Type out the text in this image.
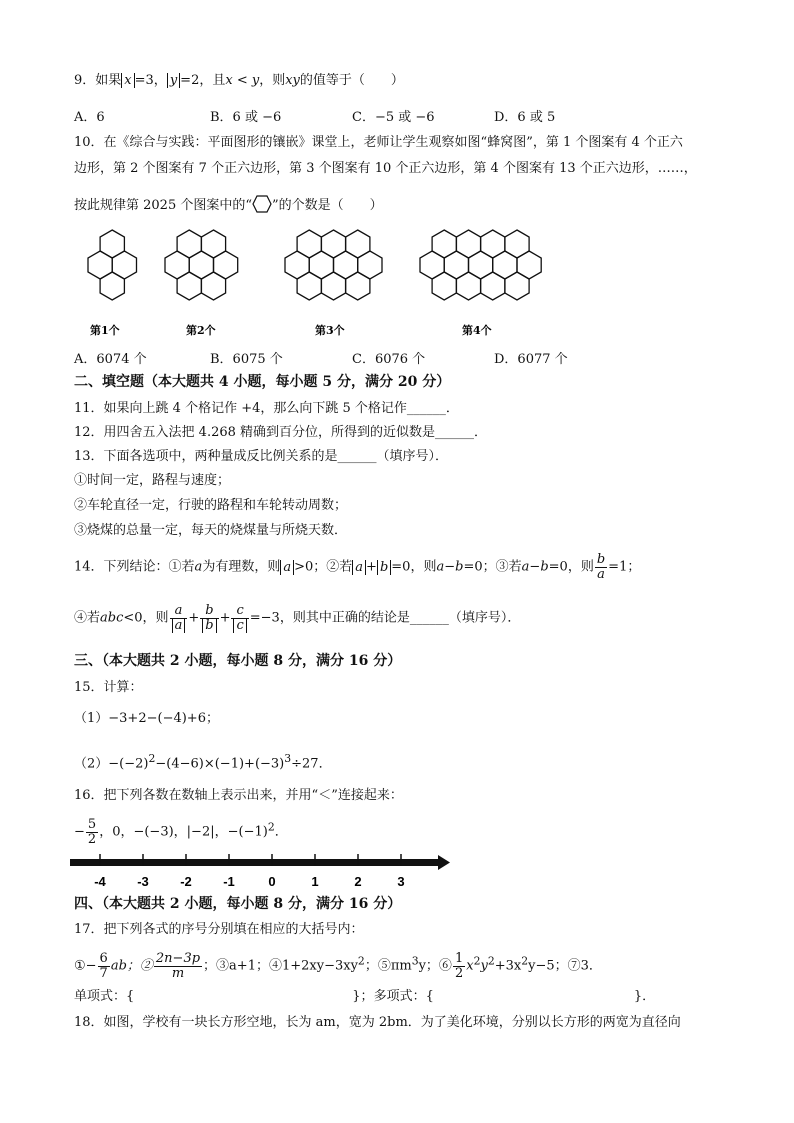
9．如果 x =3， y =2，且x < y，则xy的值等于（　　）
A．6	B．6 或 −6	C．−5 或 −6	D．6 或 5
10．在《综合与实践：平面图形的镶嵌》课堂上，老师让学生观察如图“蜂窝图”，第 1 个图案有 4 个正六
边形，第 2 个图案有 7 个正六边形，第 3 个图案有 10 个正六边形，第 4 个图案有 13 个正六边形，……，
按此规律第 2025 个图案中的“ ”的个数是（　　）
第1个	第2个	第3个	第4个
A．6074 个	B．6075 个	C．6076 个	D．6077 个
二、填空题（本大题共 4 小题，每小题 5 分，满分 20 分）
11．如果向上跳 4 个格记作 +4，那么向下跳 5 个格记作______．
12．用四舍五入法把 4.268 精确到百分位，所得到的近似数是______．
13．下面各选项中，两种量成反比例关系的是______（填序号）．
①时间一定，路程与速度；
②车轮直径一定，行驶的路程和车轮转动周数；
③烧煤的总量一定，每天的烧煤量与所烧天数．
14．下列结论：①若a为有理数，则 a >0；②若 a + b =0，则a−b=0；③若a−b=0，则 $\frac{b}{a} =1$；
④若abc<0，则 $\frac{a}{a} + \frac{b}{b} + \frac{c}{c} =-3$，则其中正确的结论是______（填序号）．
三、（本大题共 2 小题，每小题 8 分，满分 16 分）
15．计算：
（1）−3+2−(−4)+6；
$(2)-(-2)^2-(4-6)\times(-1)+(-3)^3\div 27$．
16．把下列各数在数轴上表示出来，并用“＜”连接起来：
− $\frac{5}{2}$ ，0，−(−3)，|−2|，$-(-1)^2$．
-4 -3 -2 -1	0	1	2	3
四、（本大题共 2 小题，每小题 8 分，满分 16 分）
17．把下列各式的序号分别填在相应的大括号内：
①− $\frac{6}{7}$ ab；② $\frac{2n-3p}{m}$ ；③a+1；$④1+2xy-3xy^2$；$⑤\pi m^3y$；⑥ $\frac{1}{2} x^2y^2+3x^2y-5$；⑦3．
单项式：{	}；多项式：{	}．
18．如图，学校有一块长方形空地，长为 am，宽为 2bm．为了美化环境，分别以长方形的两宽为直径向
